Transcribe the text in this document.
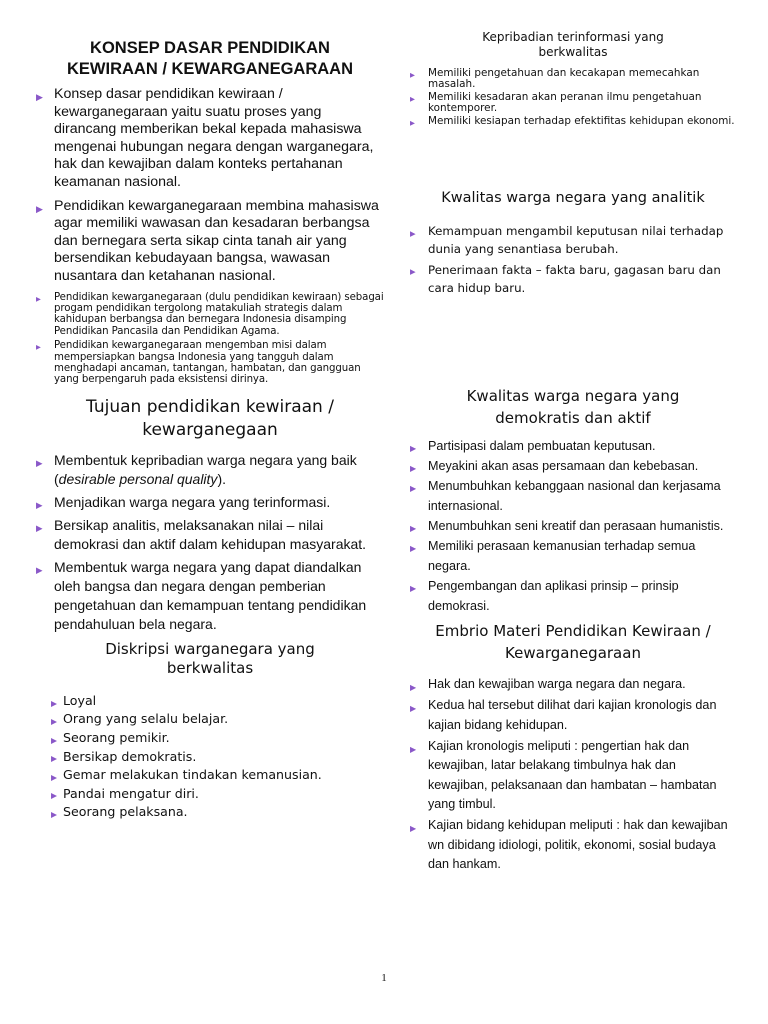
KONSEP DASAR PENDIDIKAN
KEWIRAAN / KEWARGANEGARAAN
▶ Konsep dasar pendidikan kewiraan / kewarganegaraan yaitu suatu proses yang dirancang memberikan bekal kepada mahasiswa mengenai hubungan negara dengan warganegara, hak dan kewajiban dalam konteks pertahanan keamanan nasional.
▶ Pendidikan kewarganegaraan membina mahasiswa agar memiliki wawasan dan kesadaran berbangsa dan bernegara serta sikap cinta tanah air yang bersendikan kebudayaan bangsa, wawasan nusantara dan ketahanan nasional.
▶ Pendidikan kewarganegaraan (dulu pendidikan kewiraan) sebagai progam pendidikan tergolong matakuliah strategis dalam kahidupan berbangsa dan bernegara Indonesia disamping Pendidikan Pancasila dan Pendidikan Agama.
▶ Pendidikan kewarganegaraan mengemban misi dalam mempersiapkan bangsa Indonesia yang tangguh dalam menghadapi ancaman, tantangan, hambatan, dan gangguan yang berpengaruh pada eksistensi dirinya.
Tujuan pendidikan kewiraan /
kewarganegaan
▶ Membentuk kepribadian warga negara yang baik (desirable personal quality).
▶ Menjadikan warga negara yang terinformasi.
▶ Bersikap analitis, melaksanakan nilai – nilai demokrasi dan aktif dalam kehidupan masyarakat.
▶ Membentuk warga negara yang dapat diandalkan oleh bangsa dan negara dengan pemberian pengetahuan dan kemampuan tentang pendidikan pendahuluan bela negara.
Diskripsi warganegara yang
berkwalitas
▶ Loyal
▶ Orang yang selalu belajar.
▶ Seorang pemikir.
▶ Bersikap demokratis.
▶ Gemar melakukan tindakan kemanusian.
▶ Pandai mengatur diri.
▶ Seorang pelaksana.
Kepribadian terinformasi yang
berkwalitas
▶ Memiliki pengetahuan dan kecakapan memecahkan masalah.
▶ Memiliki kesadaran akan peranan ilmu pengetahuan kontemporer.
▶ Memiliki kesiapan terhadap efektifitas kehidupan ekonomi.
Kwalitas warga negara yang analitik
▶ Kemampuan mengambil keputusan nilai terhadap dunia yang senantiasa berubah.
▶ Penerimaan fakta – fakta baru, gagasan baru dan cara hidup baru.
Kwalitas warga negara yang
demokratis dan aktif
▶ Partisipasi dalam pembuatan keputusan.
▶ Meyakini akan asas persamaan dan kebebasan.
▶ Menumbuhkan kebanggaan nasional dan kerjasama internasional.
▶ Menumbuhkan seni kreatif dan perasaan humanistis.
▶ Memiliki perasaan kemanusian terhadap semua negara.
▶ Pengembangan dan aplikasi prinsip – prinsip demokrasi.
Embrio Materi Pendidikan Kewiraan /
Kewarganegaraan
▶ Hak dan kewajiban warga negara dan negara.
▶ Kedua hal tersebut dilihat dari kajian kronologis dan kajian bidang kehidupan.
▶ Kajian kronologis meliputi : pengertian hak dan kewajiban, latar belakang timbulnya hak dan kewajiban, pelaksanaan dan hambatan – hambatan yang timbul.
▶ Kajian bidang kehidupan meliputi : hak dan kewajiban wn dibidang idiologi, politik, ekonomi, sosial budaya dan hankam.
1
